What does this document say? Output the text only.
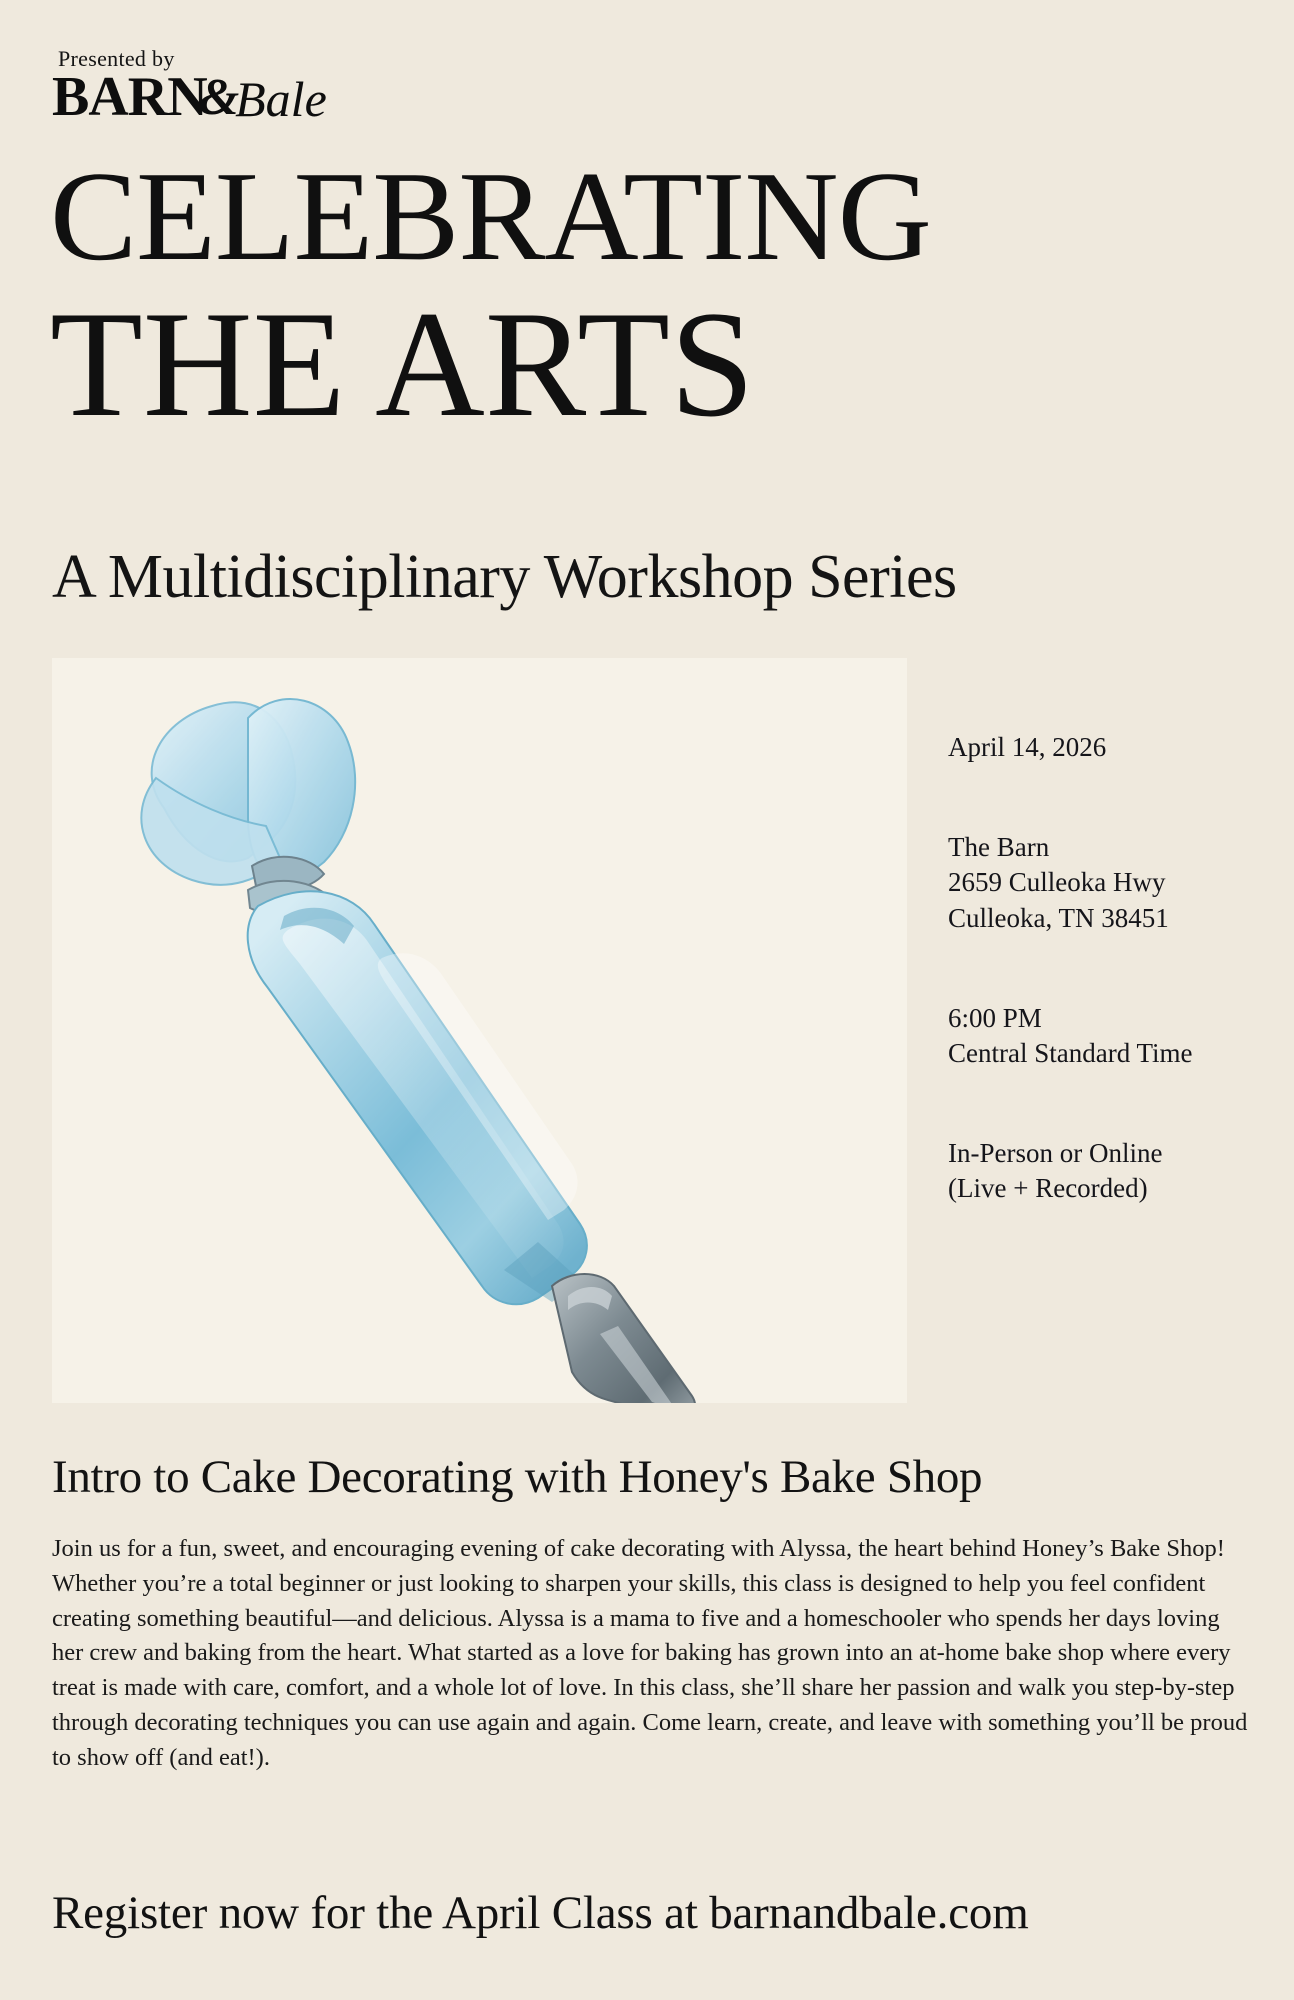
Presented by
BARN
&
Bale
CELEBRATING
THE ARTS
A Multidisciplinary Workshop Series
April 14, 2026
The Barn
2659 Culleoka Hwy
Culleoka, TN 38451
6:00 PM
Central Standard Time
In-Person or Online
(Live + Recorded)
Intro to Cake Decorating with Honey's Bake Shop
Join us for a fun, sweet, and encouraging evening of cake decorating with Alyssa, the heart behind Honey’s Bake Shop! Whether you’re a total beginner or just looking to sharpen your skills, this class is designed to help you feel confident creating something beautiful—and delicious. Alyssa is a mama to five and a homeschooler who spends her days loving her crew and baking from the heart. What started as a love for baking has grown into an at-home bake shop where every treat is made with care, comfort, and a whole lot of love. In this class, she’ll share her passion and walk you step-by-step through decorating techniques you can use again and again. Come learn, create, and leave with something you’ll be proud to show off (and eat!).
Register now for the April Class at barnandbale.com
